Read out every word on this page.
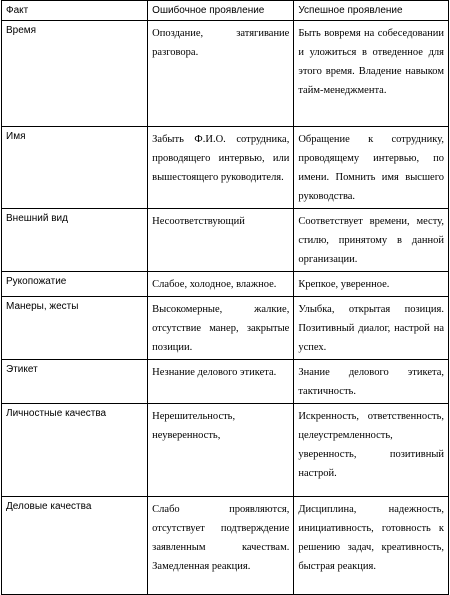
Факт	Ошибочное проявление	Успешное проявление
Время	Опоздание, затягивание разговора.	Быть вовремя на собеседовании и уложиться в отведенное для этого время. Владение навыком тайм-менеджмента.
Имя	Забыть Ф.И.О. сотрудника, проводящего интервью, или вышестоящего руководителя.	Обращение к сотруднику, проводящему интервью, по имени. Помнить имя высшего руководства.
Внешний вид	Несоответствующий	Соответствует времени, месту, стилю, принятому в данной организации.
Рукопожатие	Слабое, холодное, влажное.	Крепкое, уверенное.
Манеры, жесты	Высокомерные, жалкие, отсутствие манер, закрытые позиции.	Улыбка, открытая позиция. Позитивный диалог, настрой на успех.
Этикет	Незнание делового этикета.	Знание делового этикета, тактичность.
Личностные качества	Нерешительность, неуверенность,	Искренность, ответственность, целеустремленность, уверенность, позитивный настрой.
Деловые качества	Слабо проявляются, отсутствует подтверждение заявленным качествам. Замедленная реакция.	Дисциплина, надежность, инициативность, готовность к решению задач, креативность, быстрая реакция.
